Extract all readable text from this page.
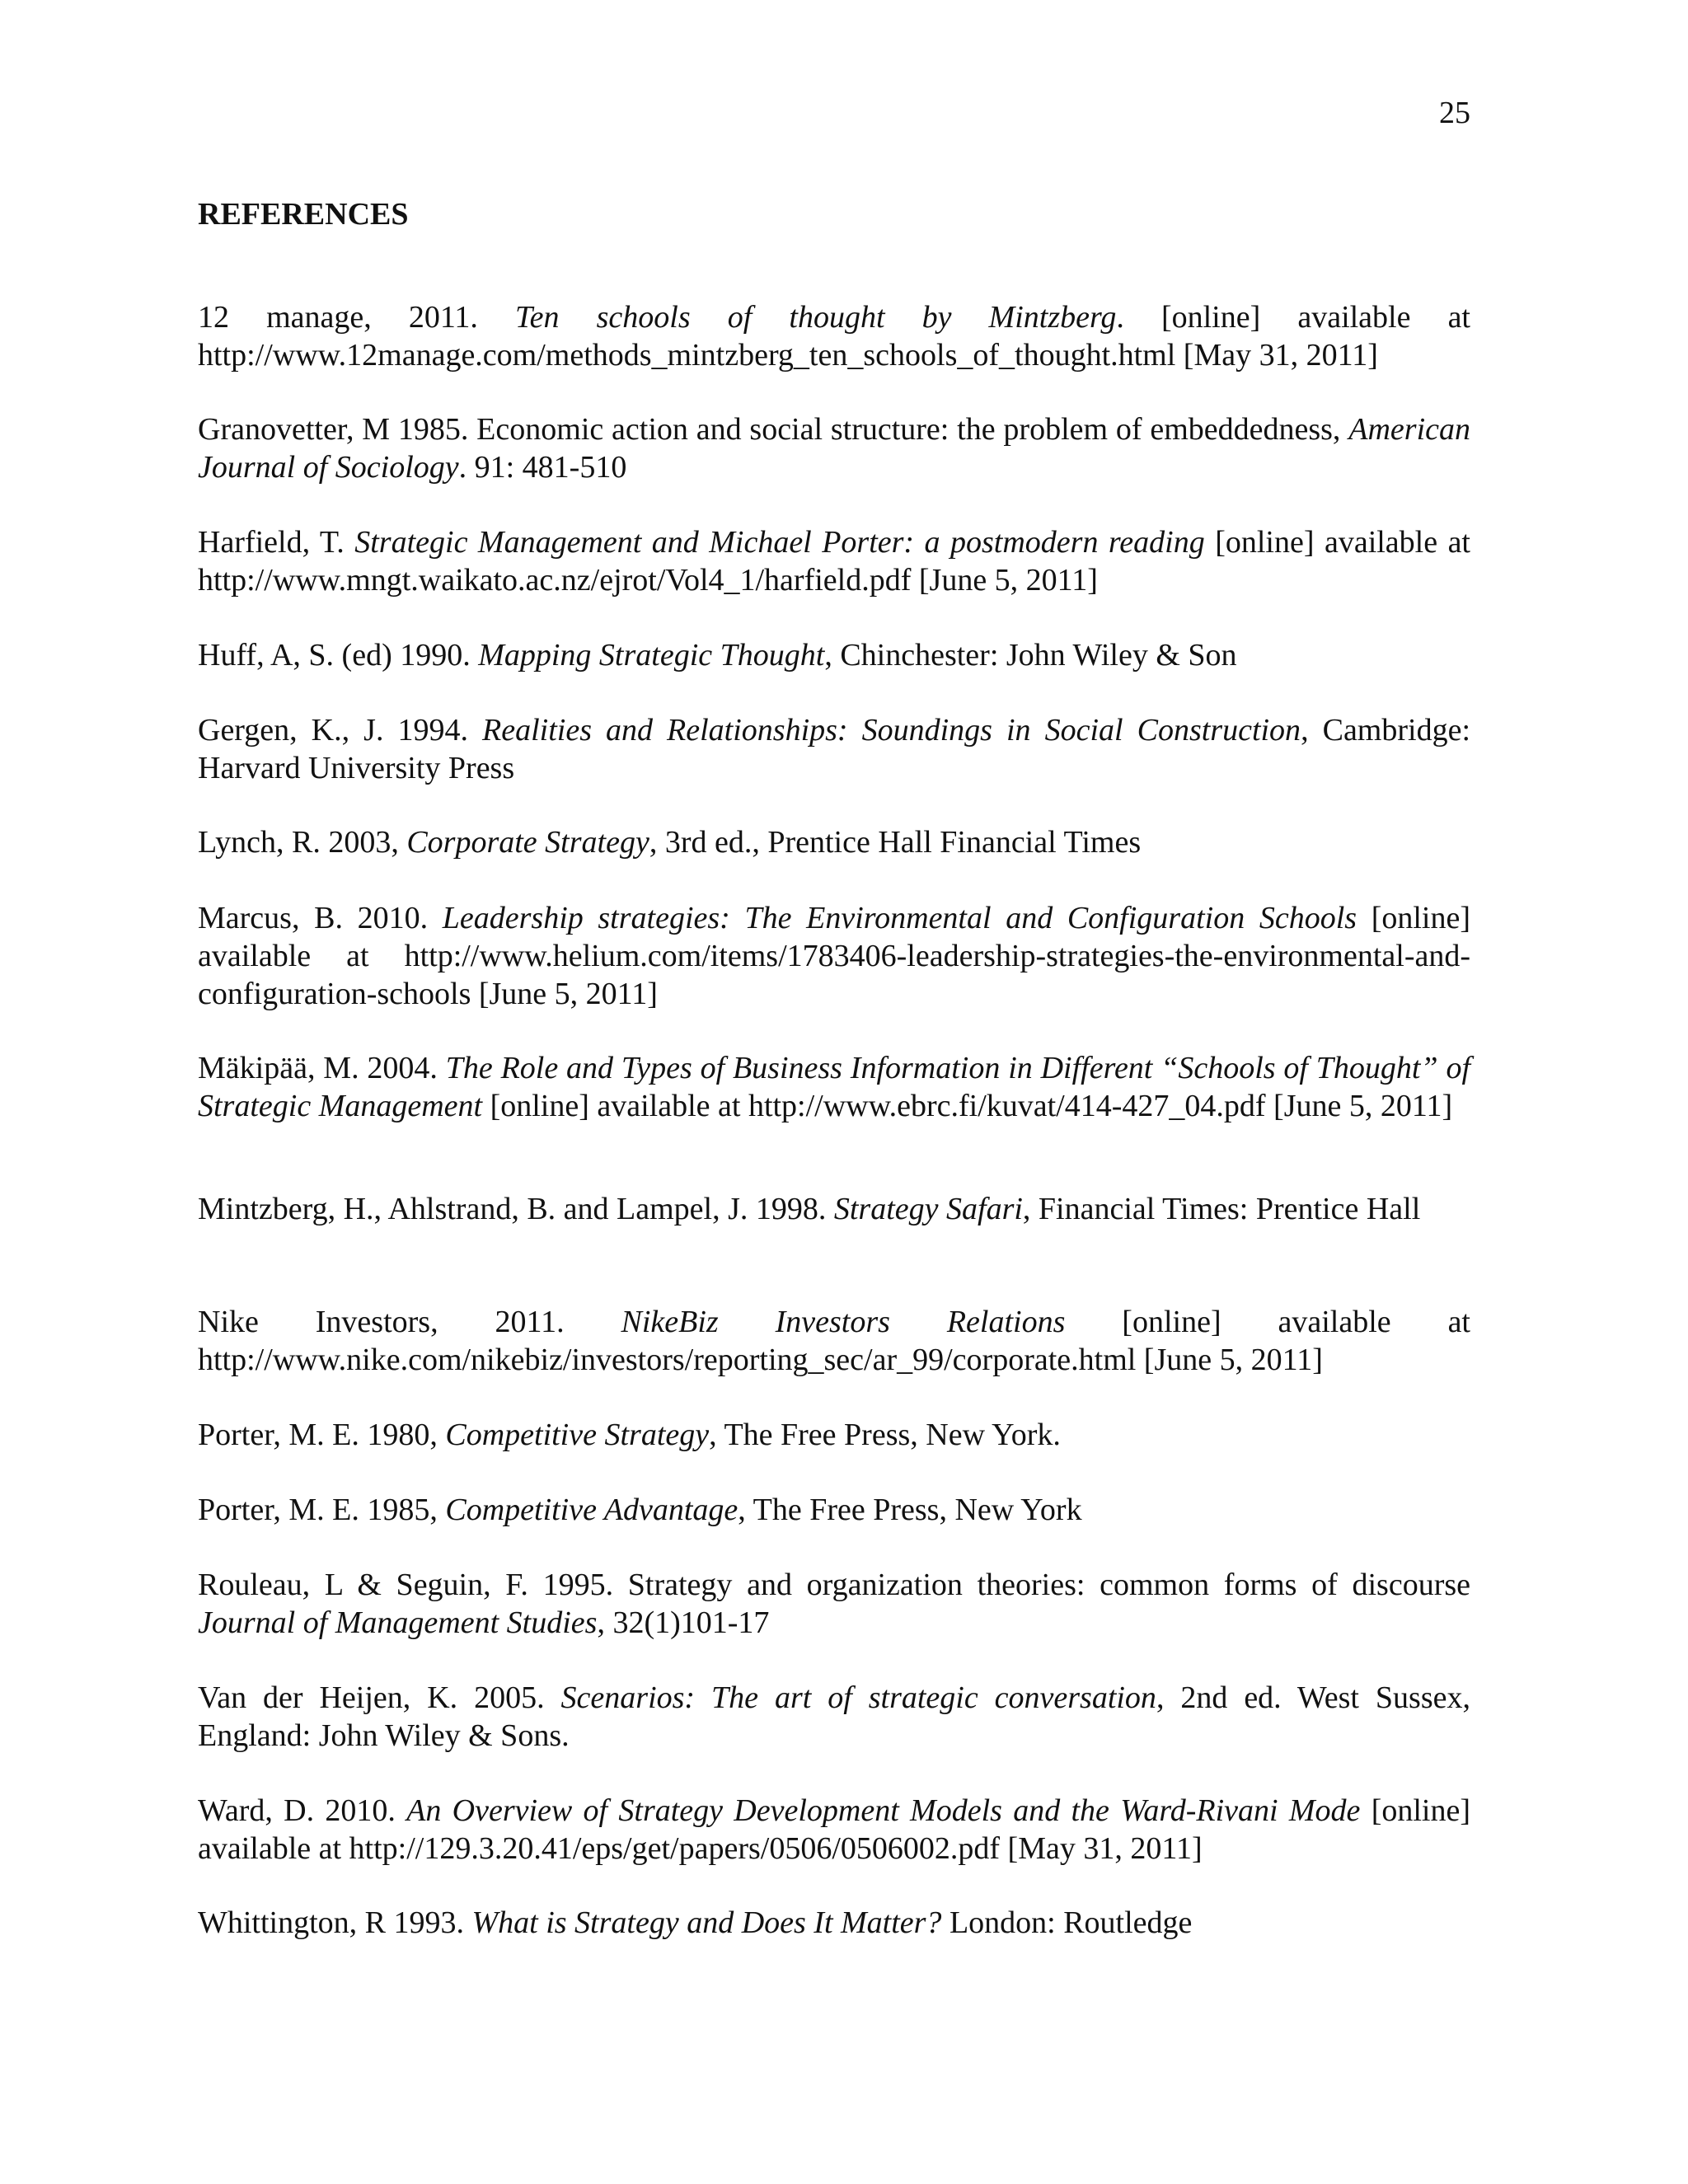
25
REFERENCES

12 manage, 2011. Ten schools of thought by Mintzberg. [online] available at http://www.12manage.com/methods_mintzberg_ten_schools_of_thought.html [May 31, 2011]

Granovetter, M 1985. Economic action and social structure: the problem of embeddedness, American Journal of Sociology. 91: 481-510

Harfield, T. Strategic Management and Michael Porter: a postmodern reading [online] available at http://www.mngt.waikato.ac.nz/ejrot/Vol4_1/harfield.pdf [June 5, 2011]

Huff, A, S. (ed) 1990. Mapping Strategic Thought, Chinchester: John Wiley & Son

Gergen, K., J. 1994. Realities and Relationships: Soundings in Social Construction, Cambridge: Harvard University Press

Lynch, R. 2003, Corporate Strategy, 3rd ed., Prentice Hall Financial Times

Marcus, B. 2010. Leadership strategies: The Environmental and Configuration Schools [online] available at http://www.helium.com/items/1783406-leadership-strategies-the-environmental-and-configuration-schools [June 5, 2011]

Mäkipää, M. 2004. The Role and Types of Business Information in Different “Schools of Thought” of Strategic Management [online] available at http://www.ebrc.fi/kuvat/414-427_04.pdf [June 5, 2011]

Mintzberg, H., Ahlstrand, B. and Lampel, J. 1998. Strategy Safari, Financial Times: Prentice Hall

Nike Investors, 2011. NikeBiz Investors Relations [online] available at http://www.nike.com/nikebiz/investors/reporting_sec/ar_99/corporate.html [June 5, 2011]

Porter, M. E. 1980, Competitive Strategy, The Free Press, New York.

Porter, M. E. 1985, Competitive Advantage, The Free Press, New York

Rouleau, L & Seguin, F. 1995. Strategy and organization theories: common forms of discourse Journal of Management Studies, 32(1)101-17

Van der Heijen, K. 2005. Scenarios: The art of strategic conversation, 2nd ed. West Sussex, England: John Wiley & Sons.

Ward, D. 2010. An Overview of Strategy Development Models and the Ward-Rivani Mode [online] available at http://129.3.20.41/eps/get/papers/0506/0506002.pdf [May 31, 2011]

Whittington, R 1993. What is Strategy and Does It Matter? London: Routledge
